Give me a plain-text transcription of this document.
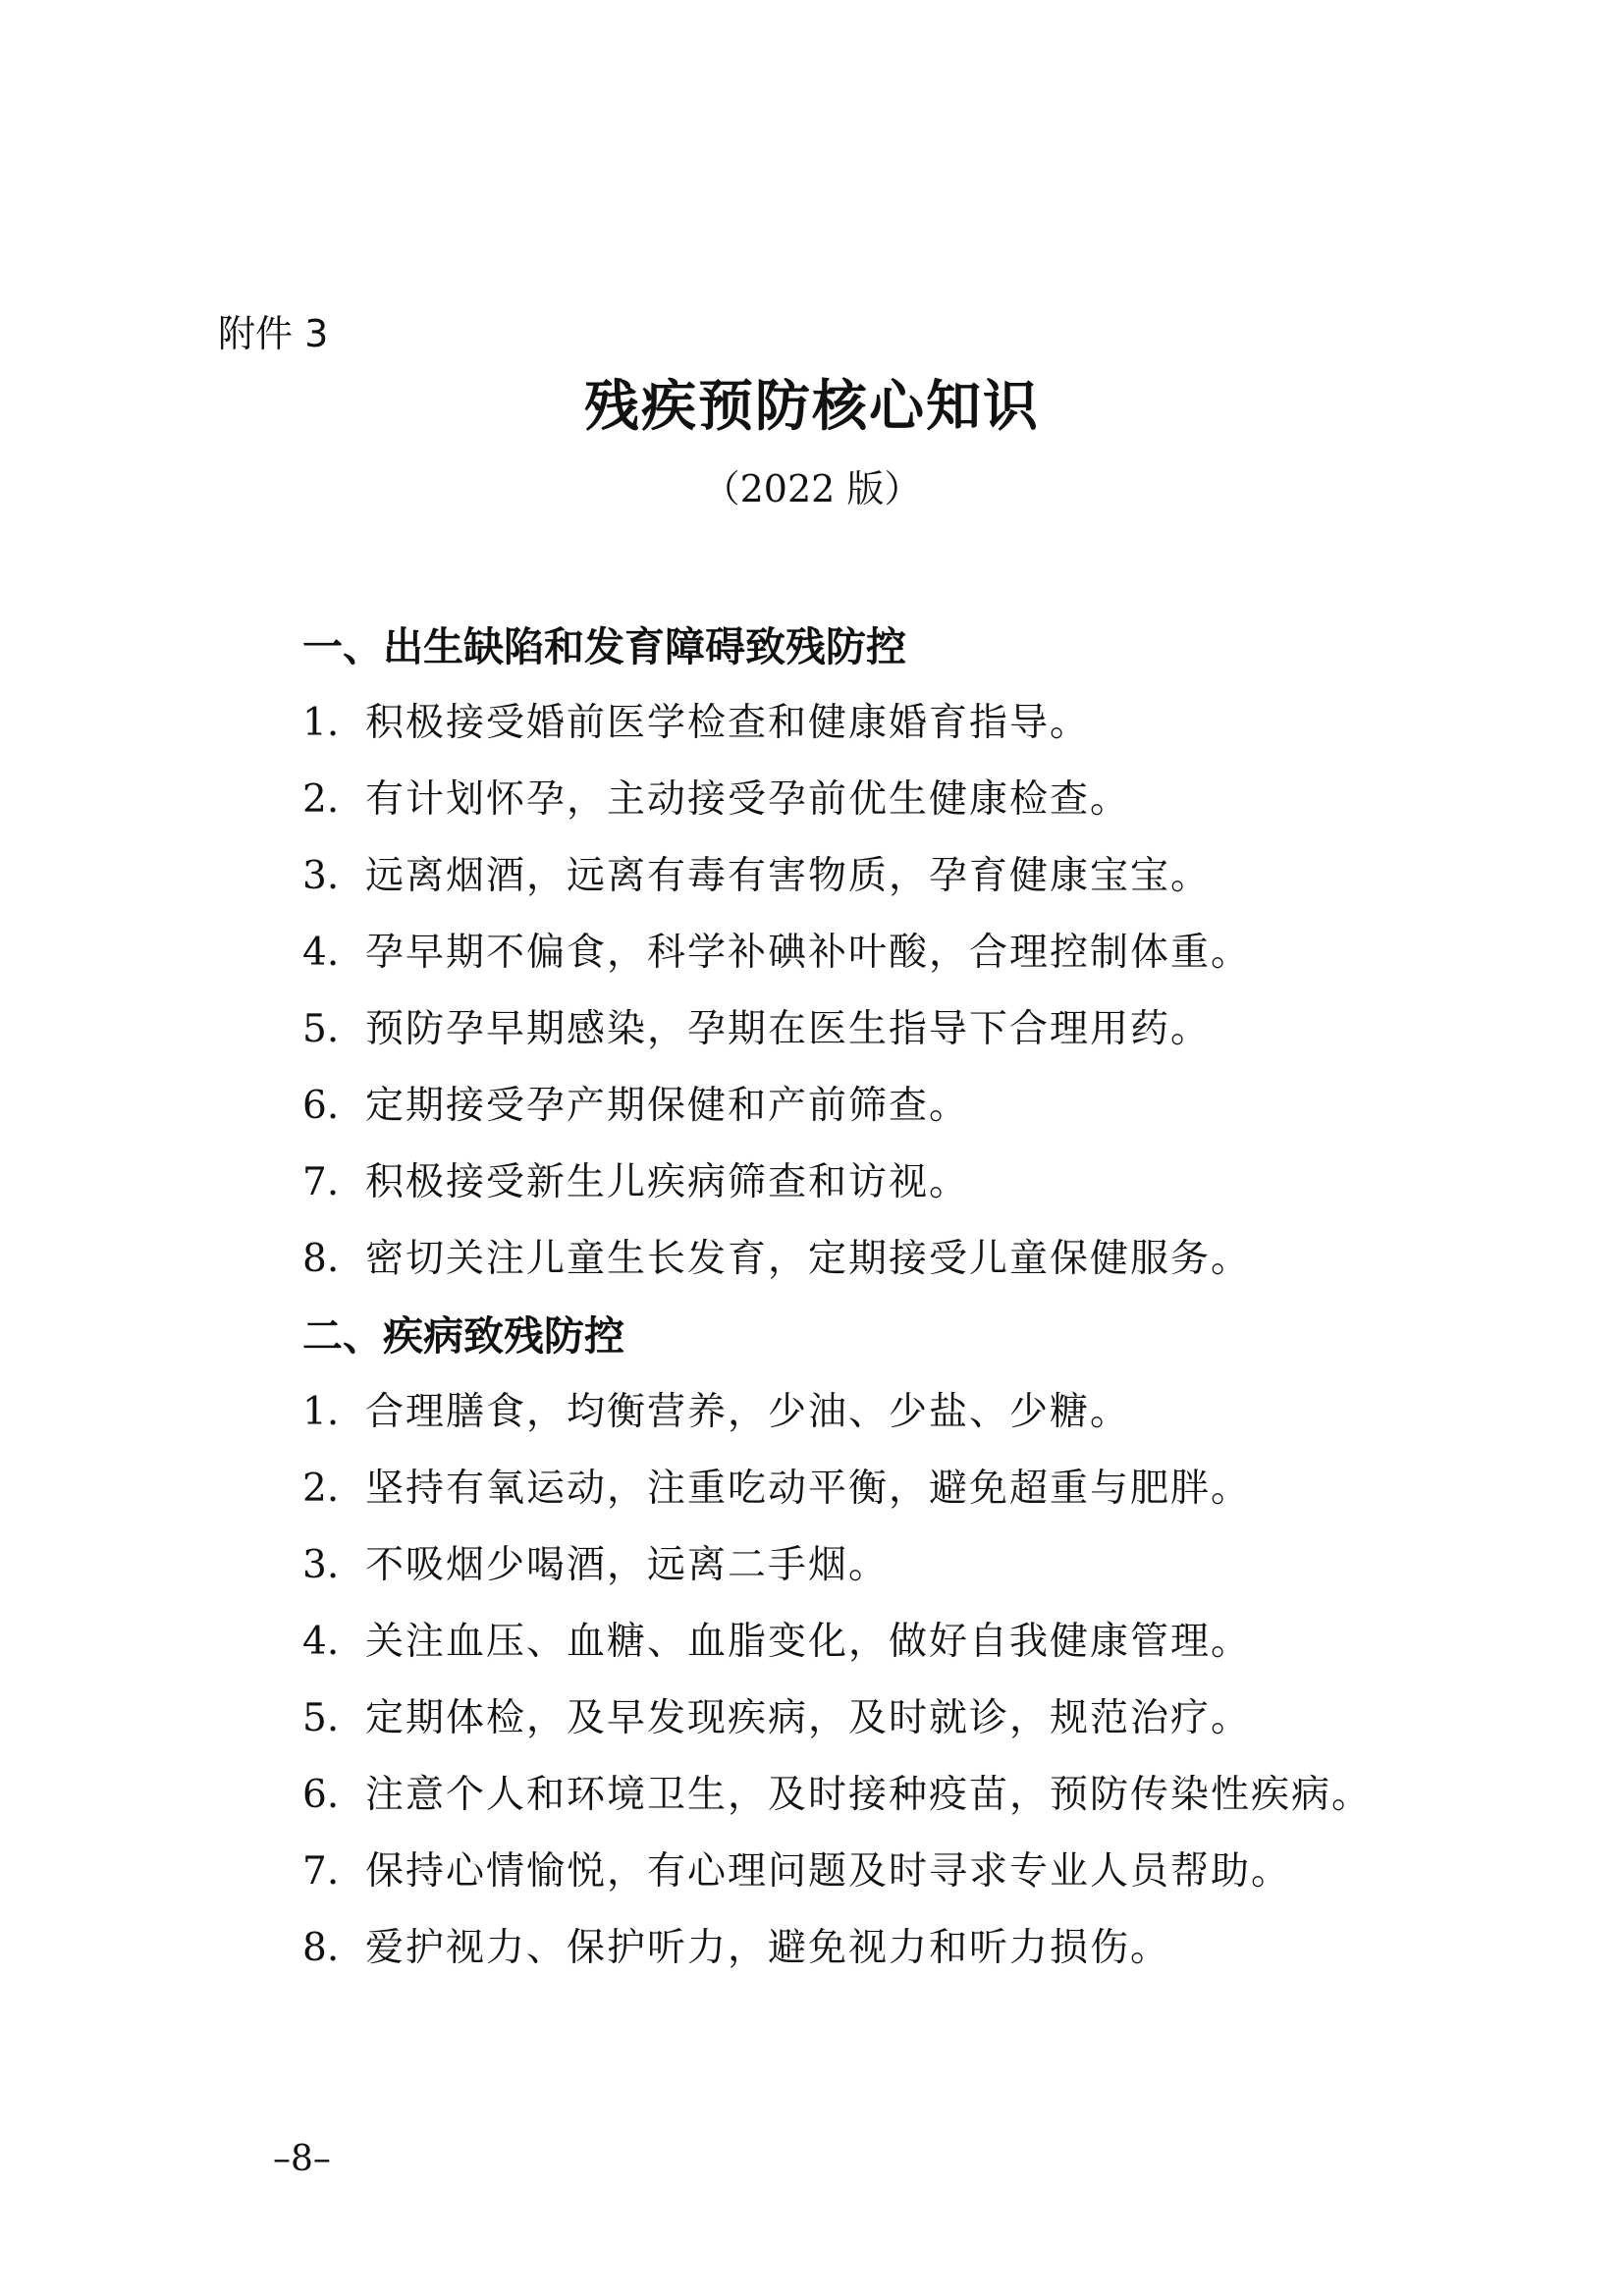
附件 3
残疾预防核心知识
（2022 版）
一、出生缺陷和发育障碍致残防控
1. 积极接受婚前医学检查和健康婚育指导。
2. 有计划怀孕，主动接受孕前优生健康检查。
3. 远离烟酒，远离有毒有害物质，孕育健康宝宝。
4. 孕早期不偏食，科学补碘补叶酸，合理控制体重。
5. 预防孕早期感染，孕期在医生指导下合理用药。
6. 定期接受孕产期保健和产前筛查。
7. 积极接受新生儿疾病筛查和访视。
8. 密切关注儿童生长发育，定期接受儿童保健服务。
二、疾病致残防控
1. 合理膳食，均衡营养，少油、少盐、少糖。
2. 坚持有氧运动，注重吃动平衡，避免超重与肥胖。
3. 不吸烟少喝酒，远离二手烟。
4. 关注血压、血糖、血脂变化，做好自我健康管理。
5. 定期体检，及早发现疾病，及时就诊，规范治疗。
6. 注意个人和环境卫生，及时接种疫苗，预防传染性疾病。
7. 保持心情愉悦，有心理问题及时寻求专业人员帮助。
8. 爱护视力、保护听力，避免视力和听力损伤。
–8–
